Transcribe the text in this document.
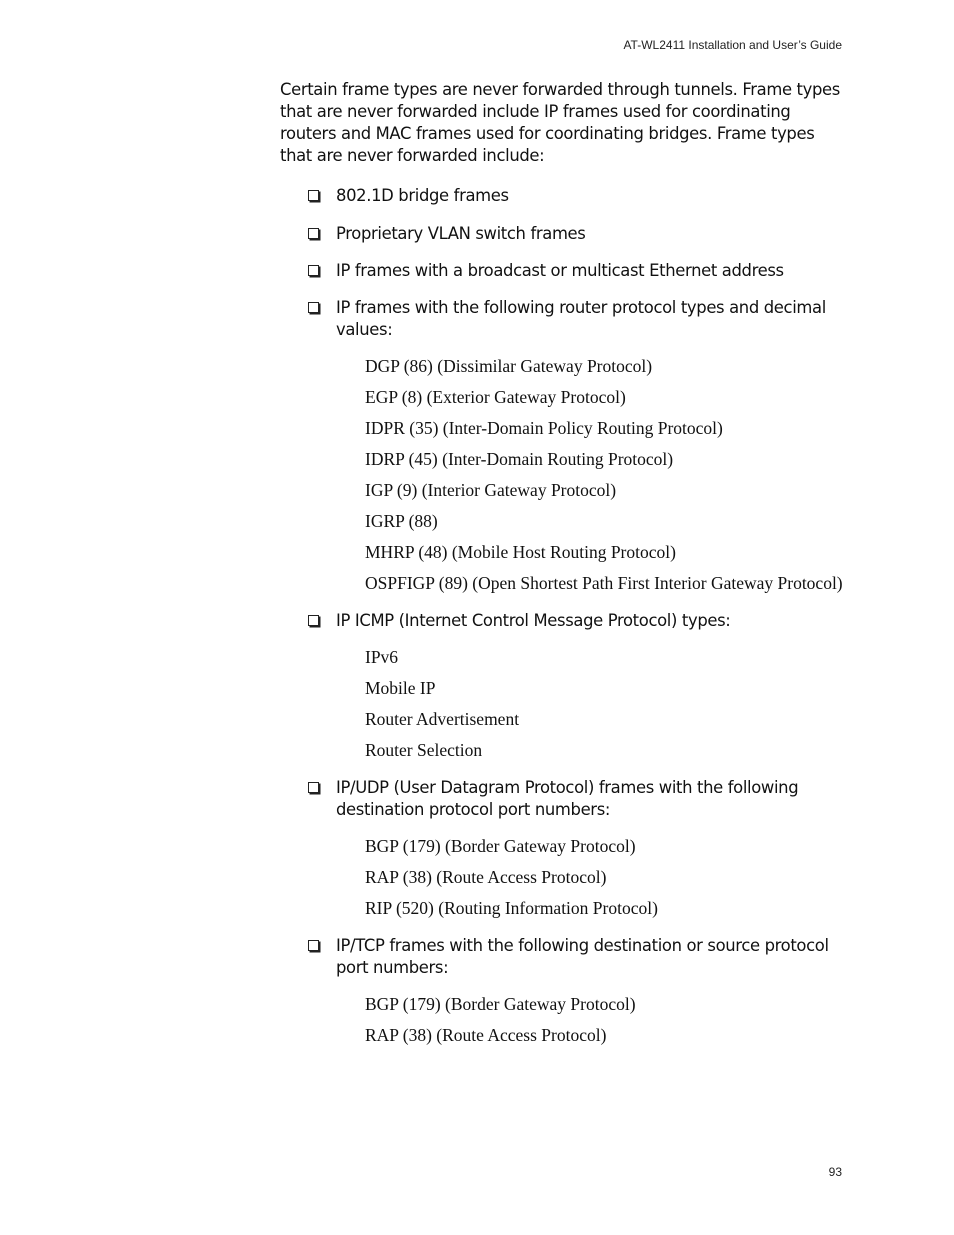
AT-WL2411 Installation and User’s Guide

Certain frame types are never forwarded through tunnels. Frame types that are never forwarded include IP frames used for coordinating routers and MAC frames used for coordinating bridges. Frame types that are never forwarded include:

802.1D bridge frames

Proprietary VLAN switch frames

IP frames with a broadcast or multicast Ethernet address

IP frames with the following router protocol types and decimal values:

DGP (86) (Dissimilar Gateway Protocol)

EGP (8) (Exterior Gateway Protocol)

IDPR (35) (Inter-Domain Policy Routing Protocol)

IDRP (45) (Inter-Domain Routing Protocol)

IGP (9) (Interior Gateway Protocol)

IGRP (88)

MHRP (48) (Mobile Host Routing Protocol)

OSPFIGP (89) (Open Shortest Path First Interior Gateway Protocol)

IP ICMP (Internet Control Message Protocol) types:

IPv6

Mobile IP

Router Advertisement

Router Selection

IP/UDP (User Datagram Protocol) frames with the following destination protocol port numbers:

BGP (179) (Border Gateway Protocol)

RAP (38) (Route Access Protocol)

RIP (520) (Routing Information Protocol)

IP/TCP frames with the following destination or source protocol port numbers:

BGP (179) (Border Gateway Protocol)

RAP (38) (Route Access Protocol)

93
